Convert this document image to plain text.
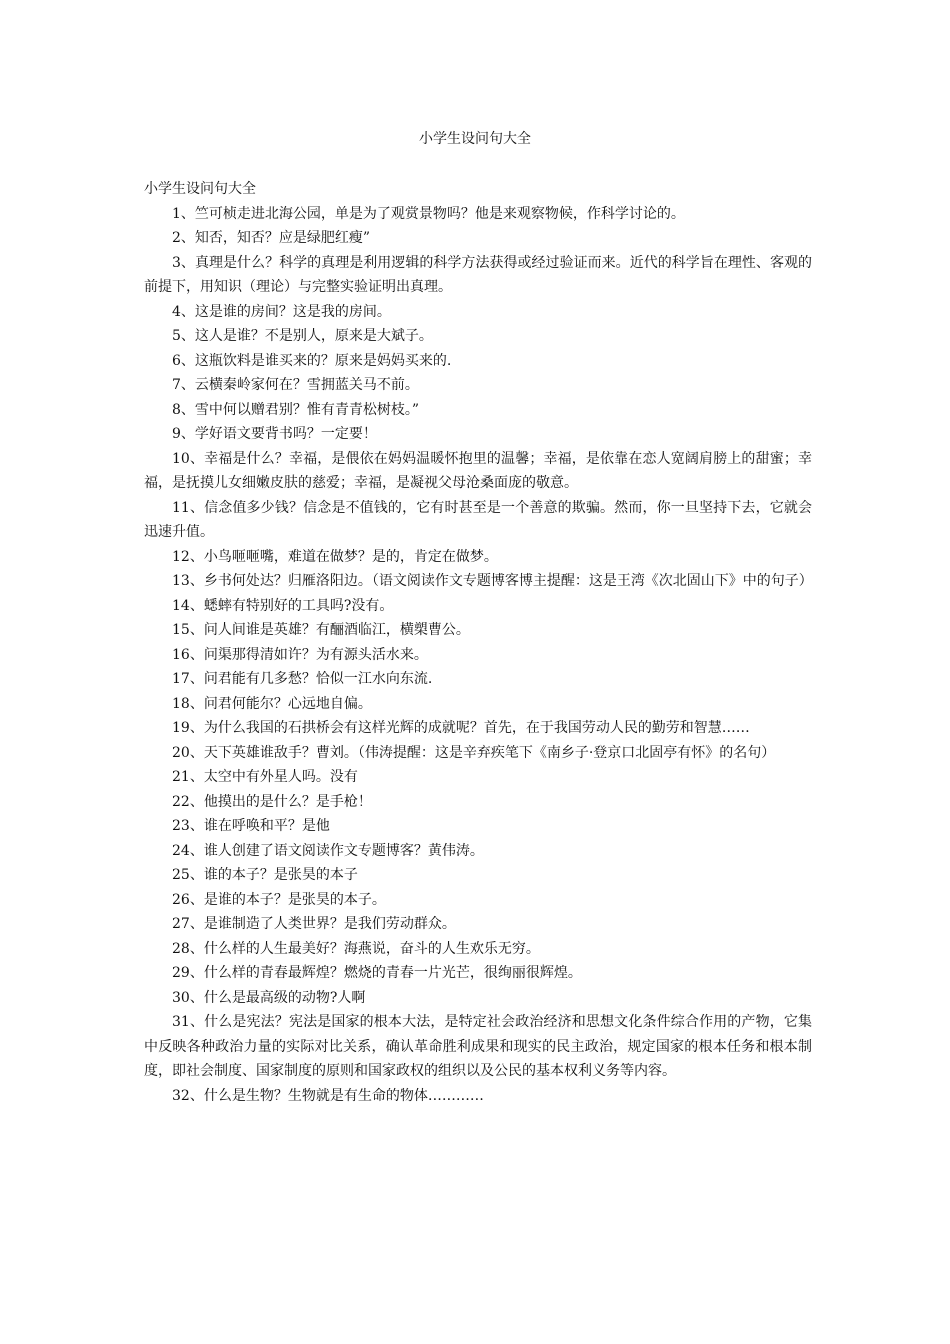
小学生设问句大全

小学生设问句大全

1、竺可桢走进北海公园，单是为了观赏景物吗？他是来观察物候，作科学讨论的。

2、知否，知否？应是绿肥红瘦”

3、真理是什么？科学的真理是利用逻辑的科学方法获得或经过验证而来。近代的科学旨在理性、客观的前提下，用知识（理论）与完整实验证明出真理。

4、这是谁的房间？这是我的房间。

5、这人是谁？不是别人，原来是大斌子。

6、这瓶饮料是谁买来的？原来是妈妈买来的.

7、云横秦岭家何在？雪拥蓝关马不前。

8、雪中何以赠君别？惟有青青松树枝。”

9、学好语文要背书吗？一定要！

10、幸福是什么？幸福，是偎依在妈妈温暖怀抱里的温馨；幸福，是依靠在恋人宽阔肩膀上的甜蜜；幸福，是抚摸儿女细嫩皮肤的慈爱；幸福，是凝视父母沧桑面庞的敬意。

11、信念值多少钱？信念是不值钱的，它有时甚至是一个善意的欺骗。然而，你一旦坚持下去，它就会迅速升值。

12、小鸟咂咂嘴，难道在做梦？是的，肯定在做梦。

13、乡书何处达？归雁洛阳边。（语文阅读作文专题博客博主提醒：这是王湾《次北固山下》中的句子）

14、蟋蟀有特别好的工具吗?没有。

15、问人间谁是英雄？有酾酒临江，横槊曹公。

16、问渠那得清如许？为有源头活水来。

17、问君能有几多愁？恰似一江水向东流.

18、问君何能尔？心远地自偏。

19、为什么我国的石拱桥会有这样光辉的成就呢？首先，在于我国劳动人民的勤劳和智慧……

20、天下英雄谁敌手？曹刘。（伟涛提醒：这是辛弃疾笔下《南乡子·登京口北固亭有怀》的名句）

21、太空中有外星人吗。没有

22、他摸出的是什么？是手枪！

23、谁在呼唤和平？是他

24、谁人创建了语文阅读作文专题博客？黄伟涛。

25、谁的本子？是张昊的本子

26、是谁的本子？是张昊的本子。

27、是谁制造了人类世界？是我们劳动群众。

28、什么样的人生最美好？海燕说，奋斗的人生欢乐无穷。

29、什么样的青春最辉煌？燃烧的青春一片光芒，很绚丽很辉煌。

30、什么是最高级的动物?人啊

31、什么是宪法？宪法是国家的根本大法，是特定社会政治经济和思想文化条件综合作用的产物，它集中反映各种政治力量的实际对比关系，确认革命胜利成果和现实的民主政治，规定国家的根本任务和根本制度，即社会制度、国家制度的原则和国家政权的组织以及公民的基本权利义务等内容。

32、什么是生物？生物就是有生命的物体…………
